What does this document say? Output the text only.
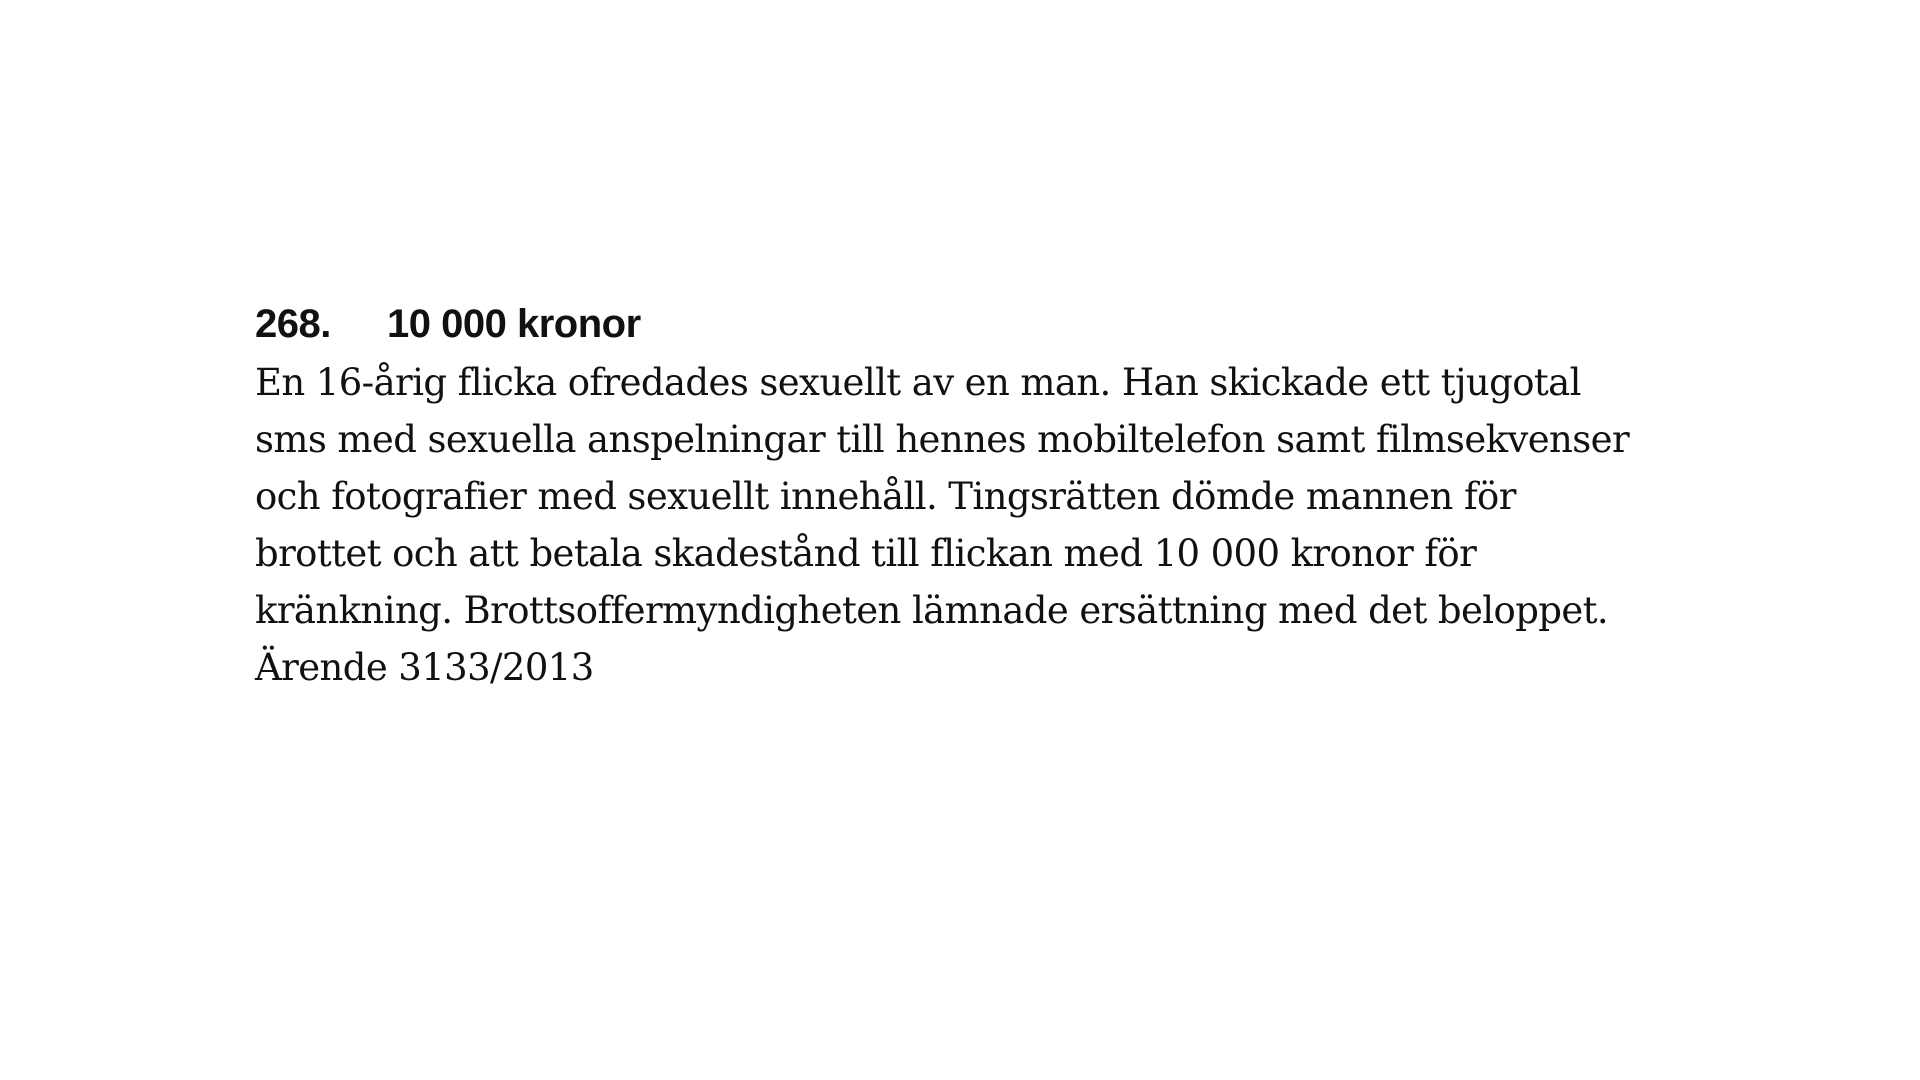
268. 10 000 kronor
En 16-årig flicka ofredades sexuellt av en man. Han skickade ett tjugotal
sms med sexuella anspelningar till hennes mobiltelefon samt filmsekvenser
och fotografier med sexuellt innehåll. Tingsrätten dömde mannen för
brottet och att betala skadestånd till flickan med 10 000 kronor för
kränkning. Brottsoffermyndigheten lämnade ersättning med det beloppet.
Ärende 3133/2013
